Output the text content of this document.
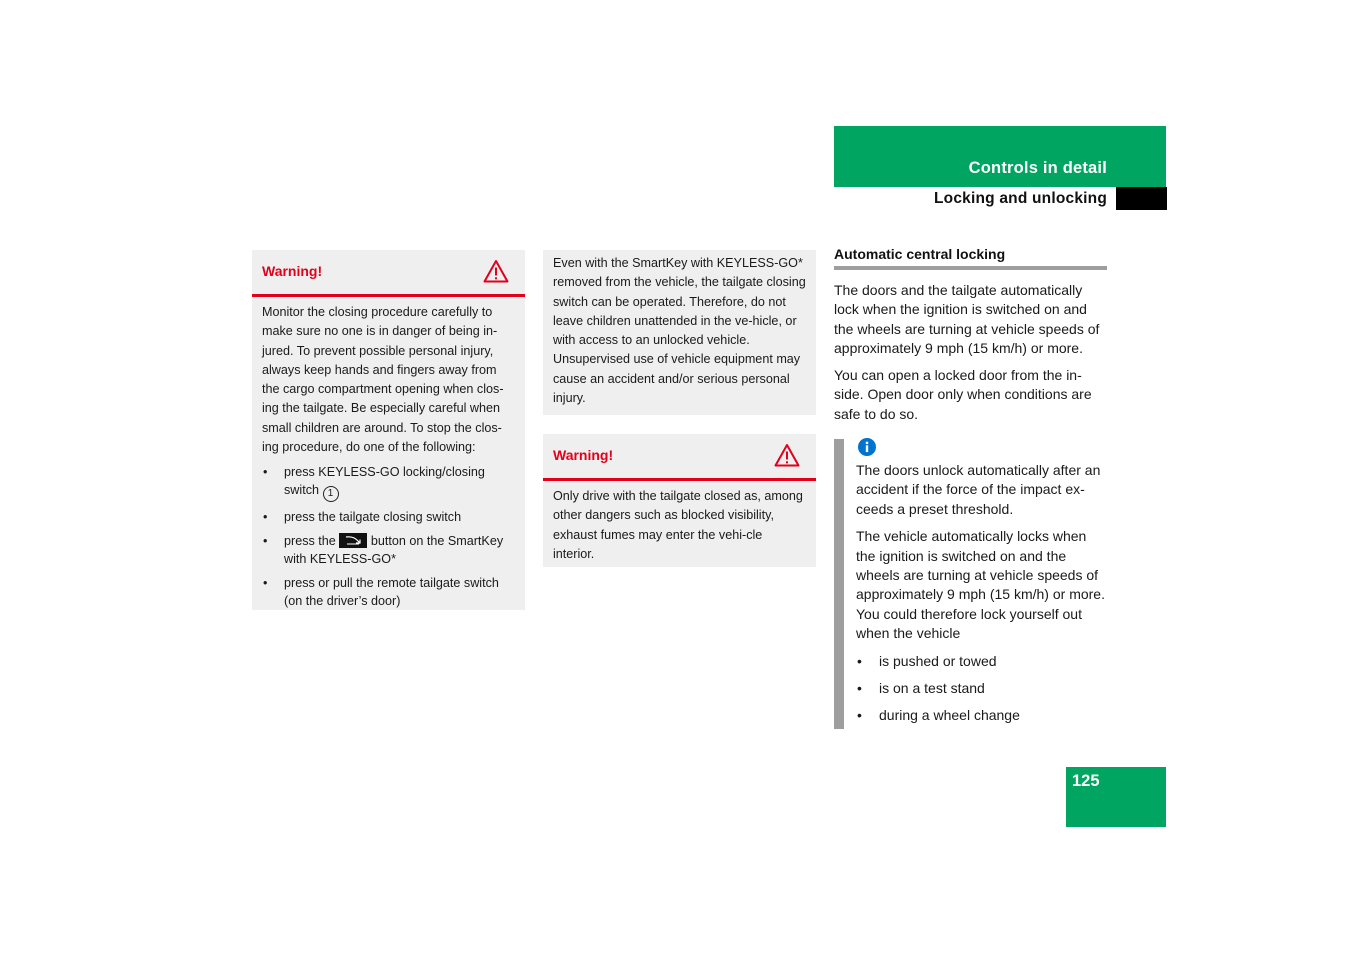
Controls in detail
Locking and unlocking
Warning!

Monitor the closing procedure carefully to make sure no one is in danger of being in-jured. To prevent possible personal injury, always keep hands and fingers away from the cargo compartment opening when clos-ing the tailgate. Be especially careful when small children are around. To stop the clos-ing procedure, do one of the following:

• press KEYLESS-GO locking/closing switch 1
• press the tailgate closing switch
• press the	button on the SmartKey with KEYLESS-GO*
• press or pull the remote tailgate switch (on the driver’s door)

Even with the SmartKey with KEYLESS-GO* removed from the vehicle, the tailgate closing switch can be operated. Therefore, do not leave children unattended in the ve-hicle, or with access to an unlocked vehicle. Unsupervised use of vehicle equipment may cause an accident and/or serious personal injury.

Warning!

Only drive with the tailgate closed as, among other dangers such as blocked visibility, exhaust fumes may enter the vehi-cle interior.

Automatic central locking
The doors and the tailgate automatically lock when the ignition is switched on and the wheels are turning at vehicle speeds of approximately 9 mph (15 km/h) or more.
You can open a locked door from the in-side. Open door only when conditions are safe to do so.

The doors unlock automatically after an accident if the force of the impact ex-ceeds a preset threshold.

The vehicle automatically locks when the ignition is switched on and the wheels are turning at vehicle speeds of approximately 9 mph (15 km/h) or more. You could therefore lock yourself out when the vehicle

• is pushed or towed
• is on a test stand
• during a wheel change
125
